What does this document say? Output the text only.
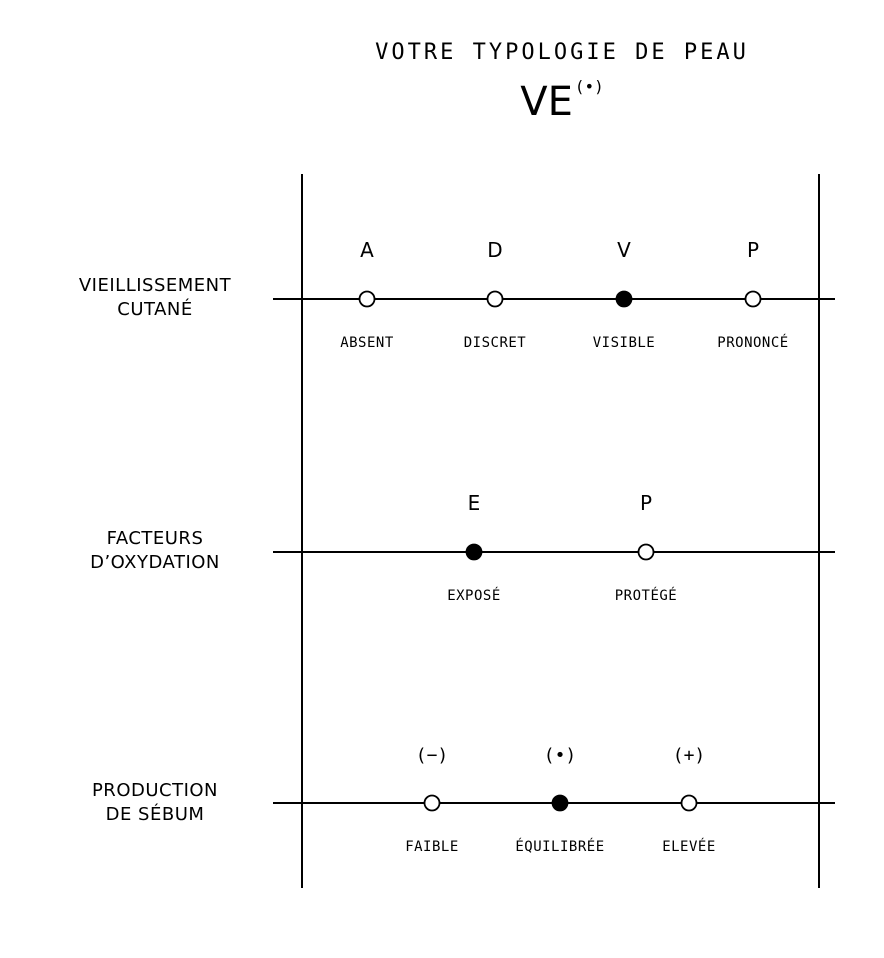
VOTRE TYPOLOGIE DE PEAU
VE (•)
VIEILLISSEMENT
CUTANÉ
FACTEURS
D’OXYDATION
PRODUCTION
DE SÉBUM
A
ABSENT
D
DISCRET
V
VISIBLE
P
PRONONCÉ
E
EXPOSÉ
P
PROTÉGÉ
(−)
FAIBLE
(•)
ÉQUILIBRÉE
(+)
ELEVÉE
